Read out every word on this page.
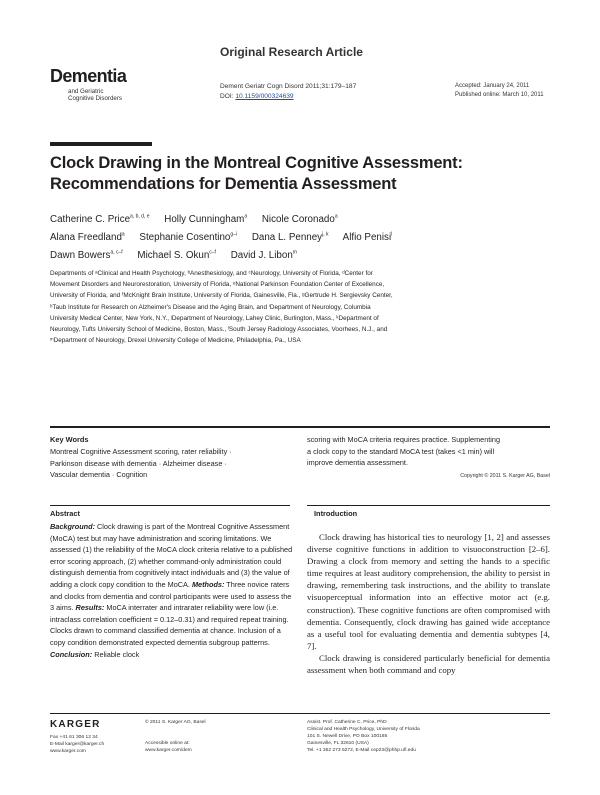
Dementia
and Geriatric
Cognitive Disorders
Original Research Article
Dement Geriatr Cogn Disord 2011;31:179–187
DOI: 10.1159/000324639
Accepted: January 24, 2011
Published online: March 10, 2011
Clock Drawing in the Montreal Cognitive Assessment:
Recommendations for Dementia Assessment
Catherine C. Price$^{a, b, d, e}$ Holly Cunningham$^a$ Nicole Coronado$^a$
Alana Freedland$^a$ Stephanie Cosentino$^{g-i}$ Dana L. Penney$^{j, k}$ Alfio Penisi$^l$
Dawn Bowers$^{a, c-f}$ Michael S. Okun$^{c-f}$ David J. Libon$^m$
Departments of ᵃClinical and Health Psychology, ᵇAnesthesiology, and ᶜNeurology, University of Florida, ᵈCenter for
Movement Disorders and Neurorestoration, University of Florida, ᵉNational Parkinson Foundation Center of Excellence,
University of Florida, and ᶠMcKnight Brain Institute, University of Florida, Gainesville, Fla., ᵍGertrude H. Sergievsky Center,
ʰTaub Institute for Research on Alzheimer's Disease and the Aging Brain, and ⁱDepartment of Neurology, Columbia
University Medical Center, New York, N.Y., ʲDepartment of Neurology, Lahey Clinic, Burlington, Mass., ᵏDepartment of
Neurology, Tufts University School of Medicine, Boston, Mass., ˡSouth Jersey Radiology Associates, Voorhees, N.J., and
ᵐDepartment of Neurology, Drexel University College of Medicine, Philadelphia, Pa., USA
Key Words
Montreal Cognitive Assessment scoring, rater reliability ·
Parkinson disease with dementia · Alzheimer disease ·
Vascular dementia · Cognition
scoring with MoCA criteria requires practice. Supplementing
a clock copy to the standard MoCA test (takes <1 min) will
improve dementia assessment.
Copyright © 2011 S. Karger AG, Basel
Abstract
Background: Clock drawing is part of the Montreal Cognitive Assessment (MoCA) test but may have administration and scoring limitations. We assessed (1) the reliability of the MoCA clock criteria relative to a published error scoring approach, (2) whether command-only administration could distinguish dementia from cognitively intact individuals and (3) the value of adding a clock copy condition to the MoCA. Methods: Three novice raters and clocks from dementia and control participants were used to assess the 3 aims. Results: MoCA interrater and intrarater reliability were low (i.e. intraclass correlation coefficient = 0.12–0.31) and required repeat training. Clocks drawn to command classified dementia at chance. Inclusion of a copy condition demonstrated expected dementia subgroup patterns. Conclusion: Reliable clock
Introduction

Clock drawing has historical ties to neurology [1, 2] and assesses diverse cognitive functions in addition to visuoconstruction [2–6]. Drawing a clock from memory and setting the hands to a specific time requires at least auditory comprehension, the ability to persist in drawing, remembering task instructions, and the ability to translate visuoperceptual information into an effective motor act (e.g. construction). These cognitive functions are often compromised with dementia. Consequently, clock drawing has gained wide acceptance as a useful tool for evaluating dementia and dementia subtypes [4, 7].

Clock drawing is considered particularly beneficial for dementia assessment when both command and copy

KARGER
Fax +41 61 306 12 34
E-Mail karger@karger.ch
www.karger.com
© 2011 S. Karger AG, Basel
Accessible online at:
www.karger.com/dem
Assist. Prof. Catherine C. Price, PhD
Clinical and Health Psychology, University of Florida
101 S. Newell Drive, PO Box 100165
Gainesville, FL 32610 (USA)
Tel. +1 352 273 5272, E-Mail cep23@phhp.ufl.edu
